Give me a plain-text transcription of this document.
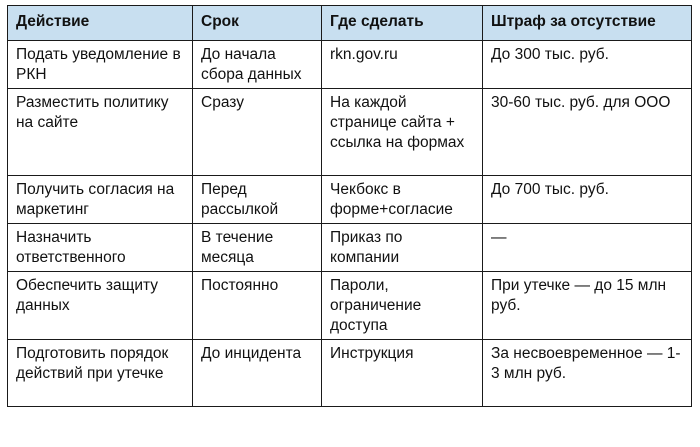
Действие	Срок	Где сделать	Штраф за отсутствие
Подать уведомление в РКН	До начала сбора данных	rkn.gov.ru	До 300 тыс. руб.
Разместить политику на сайте	Сразу	На каждой странице сайта + ссылка на формах	30-60 тыс. руб. для ООО
Получить согласия на маркетинг	Перед рассылкой	Чекбокс в форме+согласие	До 700 тыс. руб.
Назначить ответственного	В течение месяца	Приказ по компании	—
Обеспечить защиту данных	Постоянно	Пароли, ограничение доступа	При утечке — до 15 млн руб.
Подготовить порядок действий при утечке	До инцидента	Инструкция	За несвоевременное — 1-3 млн руб.
